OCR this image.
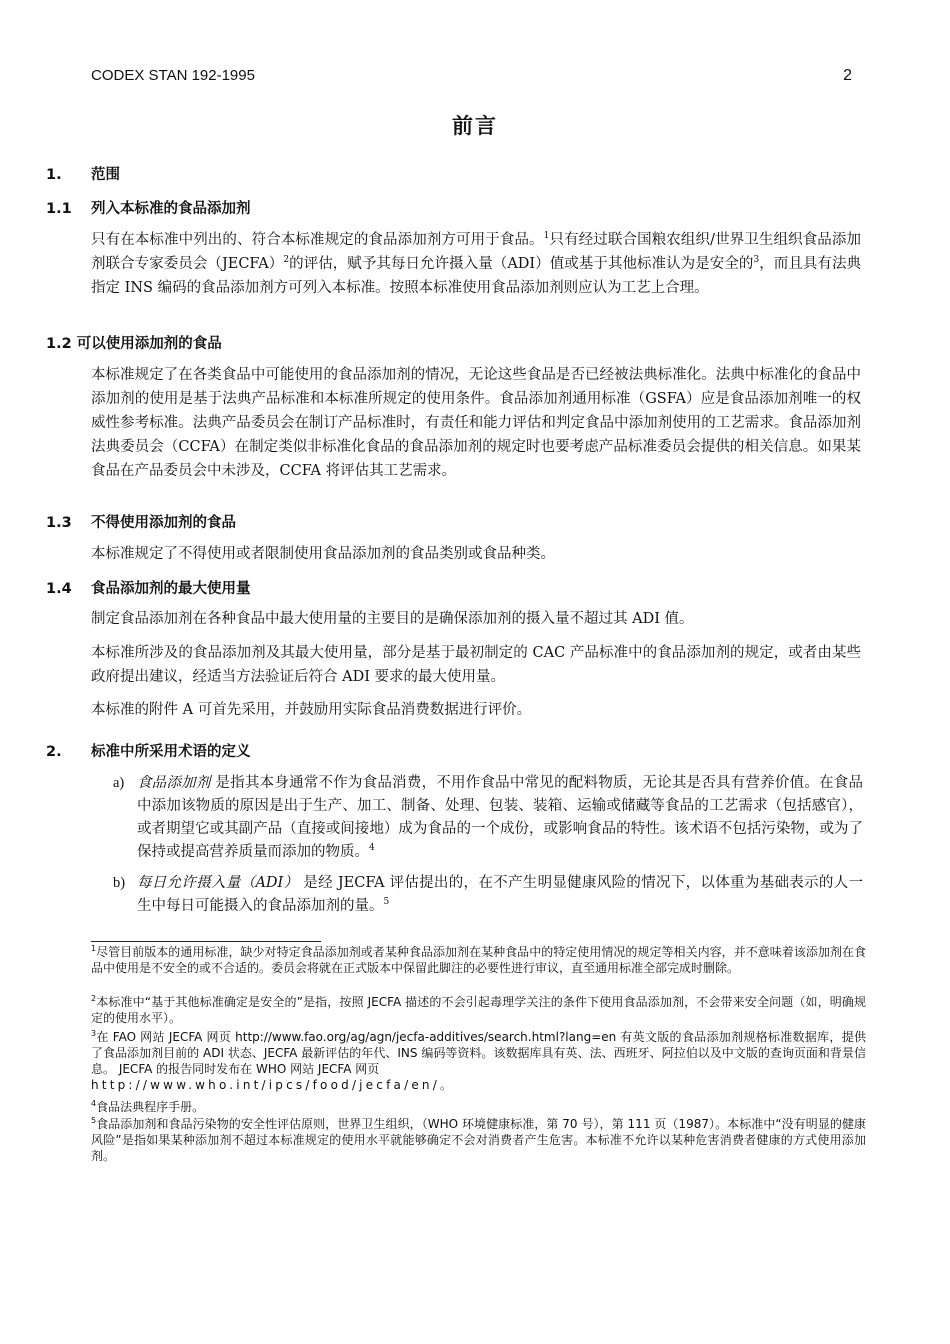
CODEX STAN 192-1995	2
前言
1. 范围
1.1 列入本标准的食品添加剂
只有在本标准中列出的、符合本标准规定的食品添加剂方可用于食品。$^1$只有经过联合国粮农组织/世界卫生组织食品添加剂联合专家委员会（JECFA）$^2$的评估，赋予其每日允许摄入量（ADI）值或基于其他标准认为是安全的$^3$，而且具有法典指定 INS 编码的食品添加剂方可列入本标准。按照本标准使用食品添加剂则应认为工艺上合理。
1.2 可以使用添加剂的食品
本标准规定了在各类食品中可能使用的食品添加剂的情况，无论这些食品是否已经被法典标准化。法典中标准化的食品中添加剂的使用是基于法典产品标准和本标准所规定的使用条件。食品添加剂通用标准（GSFA）应是食品添加剂唯一的权威性参考标准。法典产品委员会在制订产品标准时，有责任和能力评估和判定食品中添加剂使用的工艺需求。食品添加剂法典委员会（CCFA）在制定类似非标准化食品的食品添加剂的规定时也要考虑产品标准委员会提供的相关信息。如果某食品在产品委员会中未涉及，CCFA 将评估其工艺需求。
1.3 不得使用添加剂的食品
本标准规定了不得使用或者限制使用食品添加剂的食品类别或食品种类。
1.4 食品添加剂的最大使用量
制定食品添加剂在各种食品中最大使用量的主要目的是确保添加剂的摄入量不超过其 ADI 值。
本标准所涉及的食品添加剂及其最大使用量，部分是基于最初制定的 CAC 产品标准中的食品添加剂的规定，或者由某些政府提出建议，经适当方法验证后符合 ADI 要求的最大使用量。
本标准的附件 A 可首先采用，并鼓励用实际食品消费数据进行评价。
2. 标准中所采用术语的定义
a) 食品添加剂 是指其本身通常不作为食品消费，不用作食品中常见的配料物质，无论其是否具有营养价值。在食品中添加该物质的原因是出于生产、加工、制备、处理、包装、装箱、运输或储藏等食品的工艺需求（包括感官），或者期望它或其副产品（直接或间接地）成为食品的一个成份，或影响食品的特性。该术语不包括污染物，或为了保持或提高营养质量而添加的物质。$^4$
b) 每日允许摄入量（ADI） 是经 JECFA 评估提出的，在不产生明显健康风险的情况下，以体重为基础表示的人一生中每日可能摄入的食品添加剂的量。$^5$
$^1$尽管目前版本的通用标准，缺少对特定食品添加剂或者某种食品添加剂在某种食品中的特定使用情况的规定等相关内容，并不意味着该添加剂在食品中使用是不安全的或不合适的。委员会将就在正式版本中保留此脚注的必要性进行审议，直至通用标准全部完成时删除。
$^2$本标准中“基于其他标准确定是安全的”是指，按照 JECFA 描述的不会引起毒理学关注的条件下使用食品添加剂，不会带来安全问题（如，明确规定的使用水平）。
$^3$在 FAO 网站 JECFA 网页 http://www.fao.org/ag/agn/jecfa-additives/search.html?lang=en 有英文版的食品添加剂规格标准数据库，提供了食品添加剂目前的 ADI 状态、JECFA 最新评估的年代、INS 编码等资料。该数据库具有英、法、西班牙、阿拉伯以及中文版的查询页面和背景信息。 JECFA 的报告同时发布在 WHO 网站 JECFA 网页
http://www.who.int/ipcs/food/jecfa/en/。
$^4$食品法典程序手册。
$^5$食品添加剂和食品污染物的安全性评估原则，世界卫生组织，（WHO 环境健康标准，第 70 号），第 111 页（1987）。本标准中“没有明显的健康风险”是指如果某种添加剂不超过本标准规定的使用水平就能够确定不会对消费者产生危害。本标准不允许以某种危害消费者健康的方式使用添加剂。
